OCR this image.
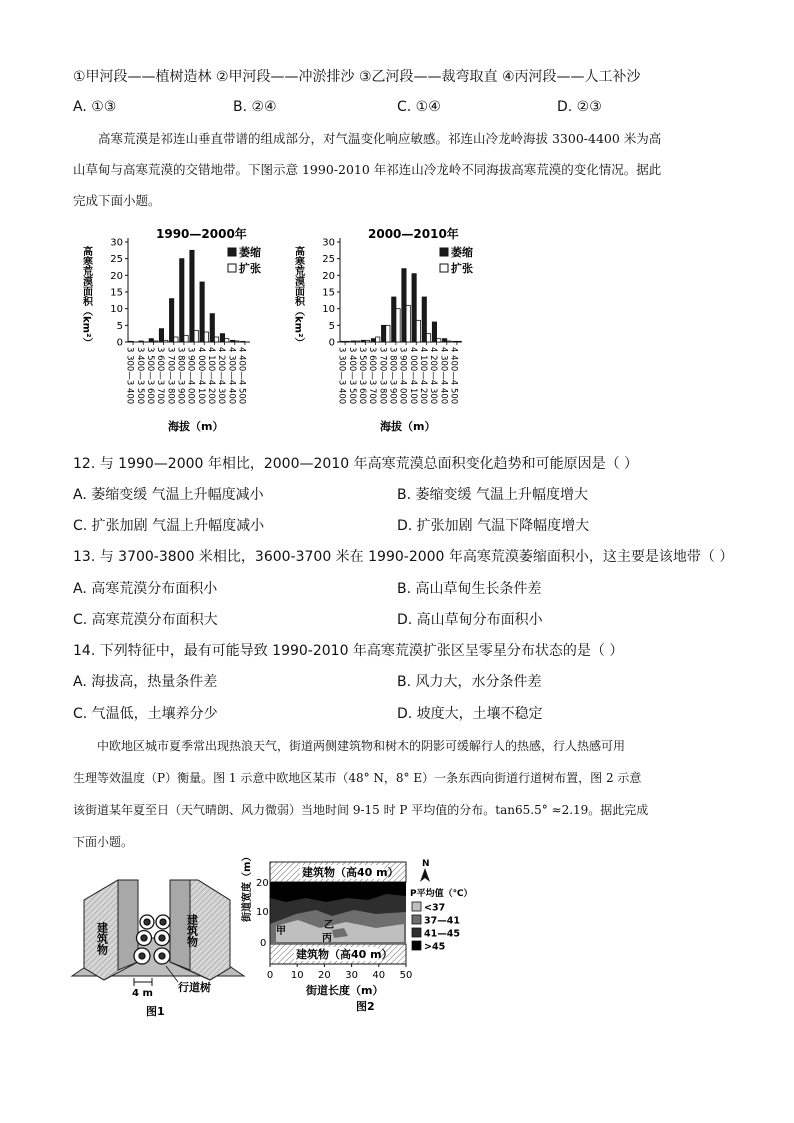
①甲河段——植树造林 ②甲河段——冲淤排沙 ③乙河段——裁弯取直 ④丙河段——人工补沙
A. ①③	B. ②④	C. ①④	D. ②③
高寒荒漠是祁连山垂直带谱的组成部分，对气温变化响应敏感。祁连山冷龙岭海拔 3300-4400 米为高
山草甸与高寒荒漠的交错地带。下图示意 1990-2010 年祁连山冷龙岭不同海拔高寒荒漠的变化情况。据此
完成下面小题。
1990—2000年
高寒荒漠面积（km²）	0
5
10
15
20
25
30
3 300—3 400 3 400—3 500 3 500—3 600 3 600—3 700 3 700—3 800 3 800—3 900 3 900—4 000 4 000—4 100 4 100—4 200 4 200—4 300 4 300—4 400 4 400—4 500
海拔（m）
萎缩
扩张
2000—2010年
高寒荒漠面积（km²）	0
5
10
15
20
25
30
3 300—3 400 3 400—3 500 3 500—3 600 3 600—3 700 3 700—3 800 3 800—3 900 3 900—4 000 4 000—4 100 4 100—4 200 4 200—4 300 4 300—4 400 4 400—4 500
海拔（m）
萎缩
扩张
12. 与 1990—2000 年相比，2000—2010 年高寒荒漠总面积变化趋势和可能原因是（ ）
A. 萎缩变缓 气温上升幅度减小	B. 萎缩变缓 气温上升幅度增大
C. 扩张加剧 气温上升幅度减小	D. 扩张加剧 气温下降幅度增大
13. 与 3700-3800 米相比，3600-3700 米在 1990-2000 年高寒荒漠萎缩面积小，这主要是该地带（ ）
A. 高寒荒漠分布面积小	B. 高山草甸生长条件差
C. 高寒荒漠分布面积大	D. 高山草甸分布面积小
14. 下列特征中，最有可能导致 1990-2010 年高寒荒漠扩张区呈零星分布状态的是（ ）
A. 海拔高，热量条件差	B. 风力大，水分条件差
C. 气温低，土壤养分少	D. 坡度大，土壤不稳定
中欧地区城市夏季常出现热浪天气，街道两侧建筑物和树木的阴影可缓解行人的热感，行人热感可用
生理等效温度（P）衡量。图 1 示意中欧地区某市（48° N，8° E）一条东西向街道行道树布置，图 2 示意
该街道某年夏至日（天气晴朗、风力微弱）当地时间 9-15 时 P 平均值的分布。tan65.5° ≈2.19。据此完成
下面小题。
建筑物	建筑物
4 m 行道树
图1
建筑物（高40 m）
建筑物（高40 m）
甲
乙
丙
街道宽度（m） 20
10
0
0 10 20 30 40 50
街道长度（m）
图2
N
P平均值（℃）
<37
37—41
41—45
>45
